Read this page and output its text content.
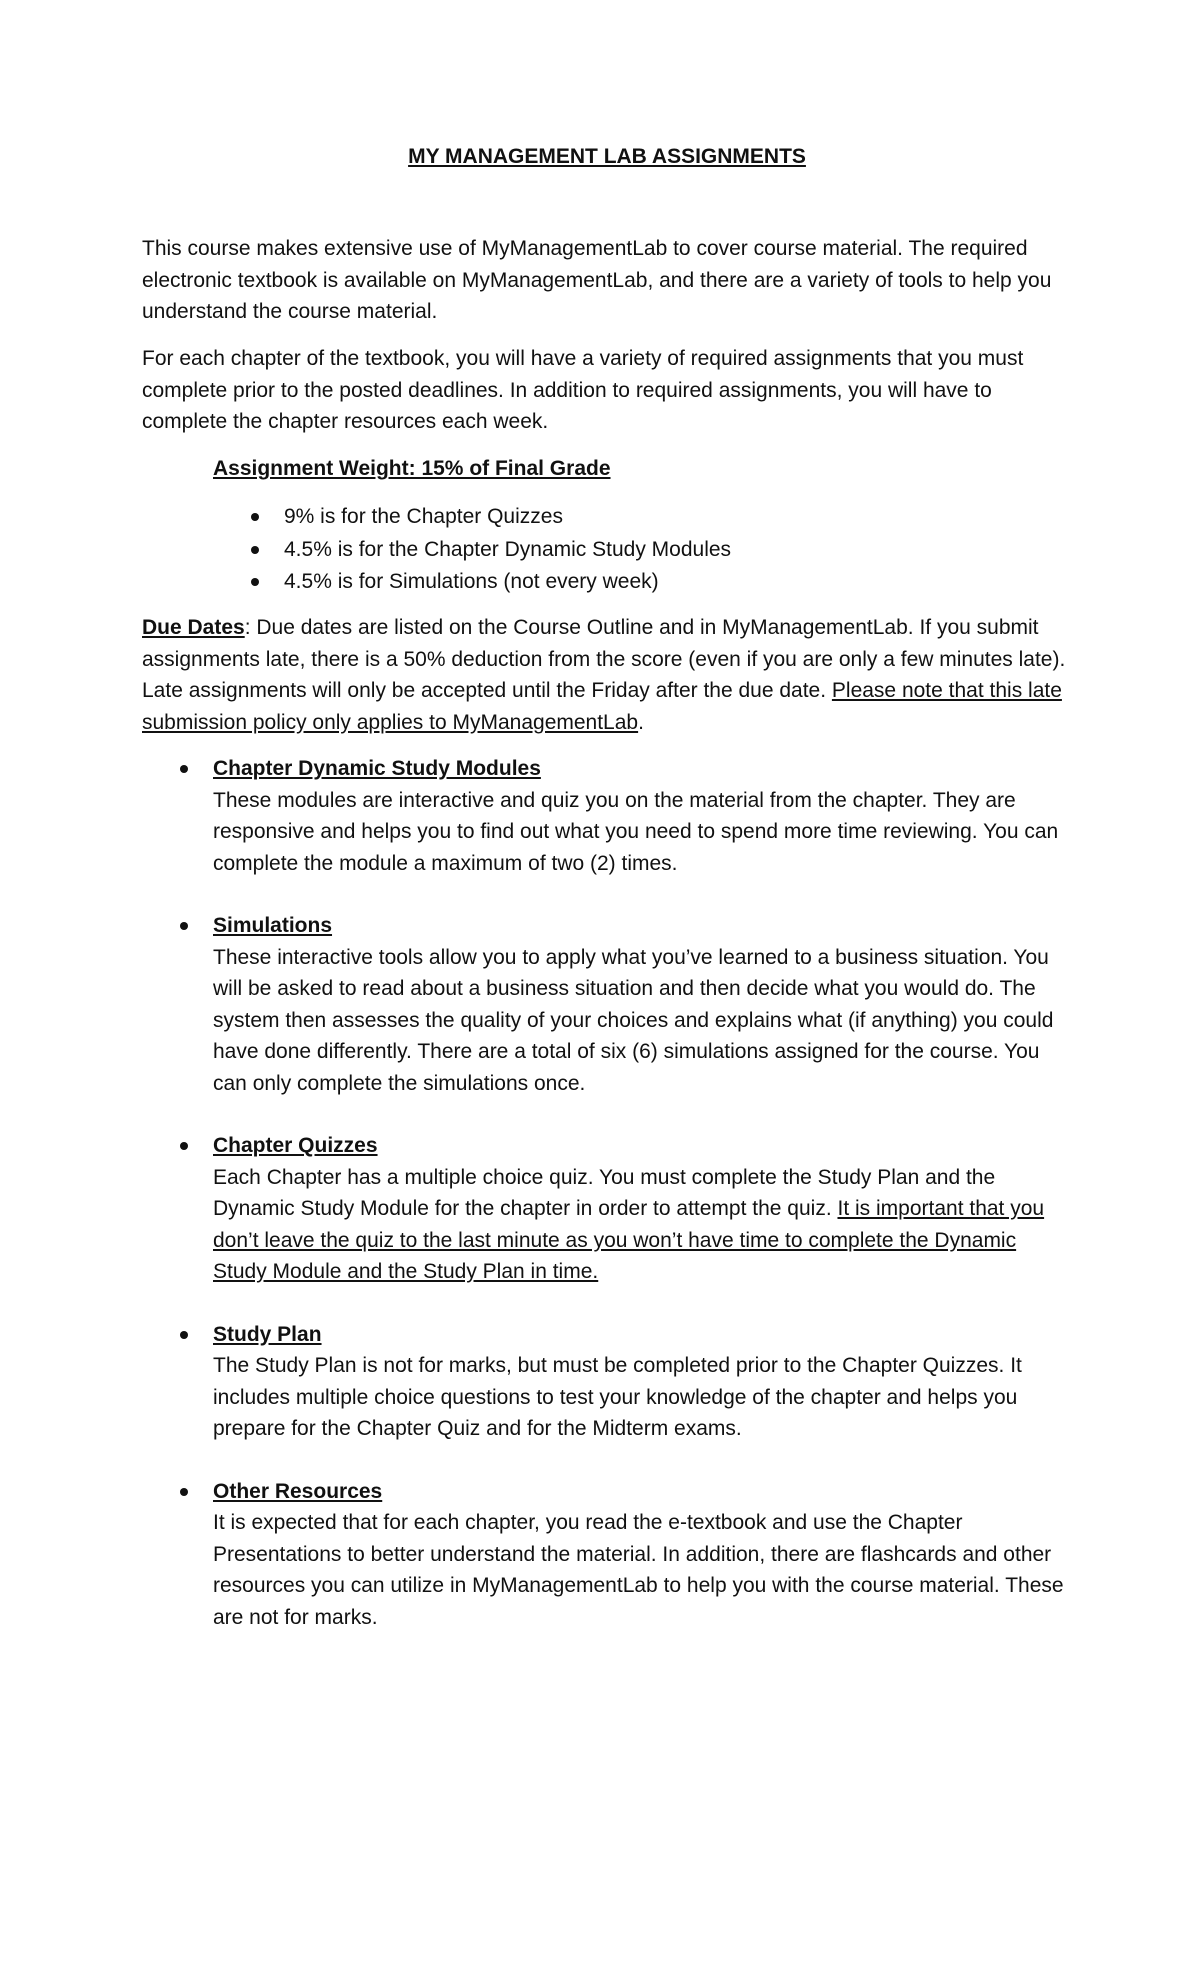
MY MANAGEMENT LAB ASSIGNMENTS

This course makes extensive use of MyManagementLab to cover course material. The required electronic textbook is available on MyManagementLab, and there are a variety of tools to help you understand the course material.

For each chapter of the textbook, you will have a variety of required assignments that you must complete prior to the posted deadlines. In addition to required assignments, you will have to complete the chapter resources each week.

Assignment Weight: 15% of Final Grade

9% is for the Chapter Quizzes
4.5% is for the Chapter Dynamic Study Modules
4.5% is for Simulations (not every week)

Due Dates: Due dates are listed on the Course Outline and in MyManagementLab. If you submit assignments late, there is a 50% deduction from the score (even if you are only a few minutes late). Late assignments will only be accepted until the Friday after the due date. Please note that this late submission policy only applies to MyManagementLab.

Chapter Dynamic Study Modules

These modules are interactive and quiz you on the material from the chapter. They are responsive and helps you to find out what you need to spend more time reviewing. You can complete the module a maximum of two (2) times.

Simulations

These interactive tools allow you to apply what you’ve learned to a business situation. You will be asked to read about a business situation and then decide what you would do. The system then assesses the quality of your choices and explains what (if anything) you could have done differently. There are a total of six (6) simulations assigned for the course. You can only complete the simulations once.

Chapter Quizzes

Each Chapter has a multiple choice quiz. You must complete the Study Plan and the Dynamic Study Module for the chapter in order to attempt the quiz. It is important that you don’t leave the quiz to the last minute as you won’t have time to complete the Dynamic Study Module and the Study Plan in time.

Study Plan

The Study Plan is not for marks, but must be completed prior to the Chapter Quizzes. It includes multiple choice questions to test your knowledge of the chapter and helps you prepare for the Chapter Quiz and for the Midterm exams.

Other Resources

It is expected that for each chapter, you read the e-textbook and use the Chapter Presentations to better understand the material. In addition, there are flashcards and other resources you can utilize in MyManagementLab to help you with the course material. These are not for marks.
